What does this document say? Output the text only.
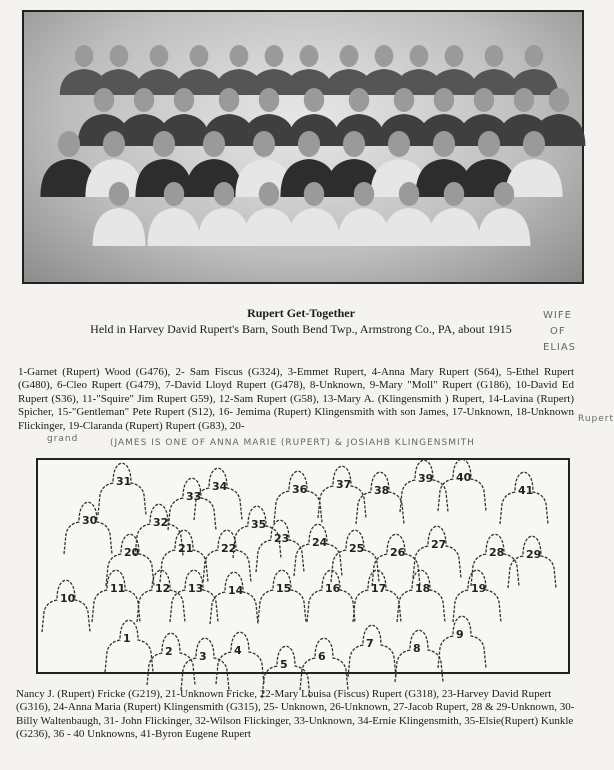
Rupert Get-Together
Held in Harvey David Rupert's Barn, South Bend Twp., Armstrong Co., PA, about 1915
WIFE
OF
ELIAS
Rupert
grand	(JAMES IS ONE OF ANNA MARIE (RUPERT) & JOSIAHB KLINGENSMITH
1-Garnet (Rupert) Wood (G476), 2- Sam Fiscus (G324), 3-Emmet Rupert, 4-Anna Mary Rupert (S64), 5-Ethel Rupert (G480), 6-Cleo Rupert (G479), 7-David Lloyd Rupert (G478), 8-Unknown, 9-Mary "Moll" Rupert (G186), 10-David Ed Rupert (S36), 11-"Squire" Jim Rupert G59), 12-Sam Rupert (G58), 13-Mary A. (Klingensmith ) Rupert, 14-Lavina (Rupert) Spicher, 15-"Gentleman" Pete Rupert (S12), 16- Jemima (Rupert) Klingensmith with son James, 17-Unknown, 18-Unknown Flickinger, 19-Claranda (Rupert) Rupert (G83), 20-
1
2 3 4
5
6
7	8
9
10
11	12 13 14	15	16	17	18	19
20	21	22
23 24 25 26
27
28 29
30
31
32
33
34
35
36	37 38
39 40
41
Nancy J. (Rupert) Fricke (G219), 21-Unknown Fricke, 22-Mary Louisa (Fiscus) Rupert (G318), 23-Harvey David Rupert (G316), 24-Anna Maria (Rupert) Klingensmith (G315), 25- Unknown, 26-Unknown, 27-Jacob Rupert, 28 & 29-Unknown, 30-Billy Waltenbaugh, 31- John Flickinger, 32-Wilson Flickinger, 33-Unknown, 34-Ernie Klingensmith, 35-Elsie(Rupert) Kunkle (G236), 36 - 40 Unknowns, 41-Byron Eugene Rupert
